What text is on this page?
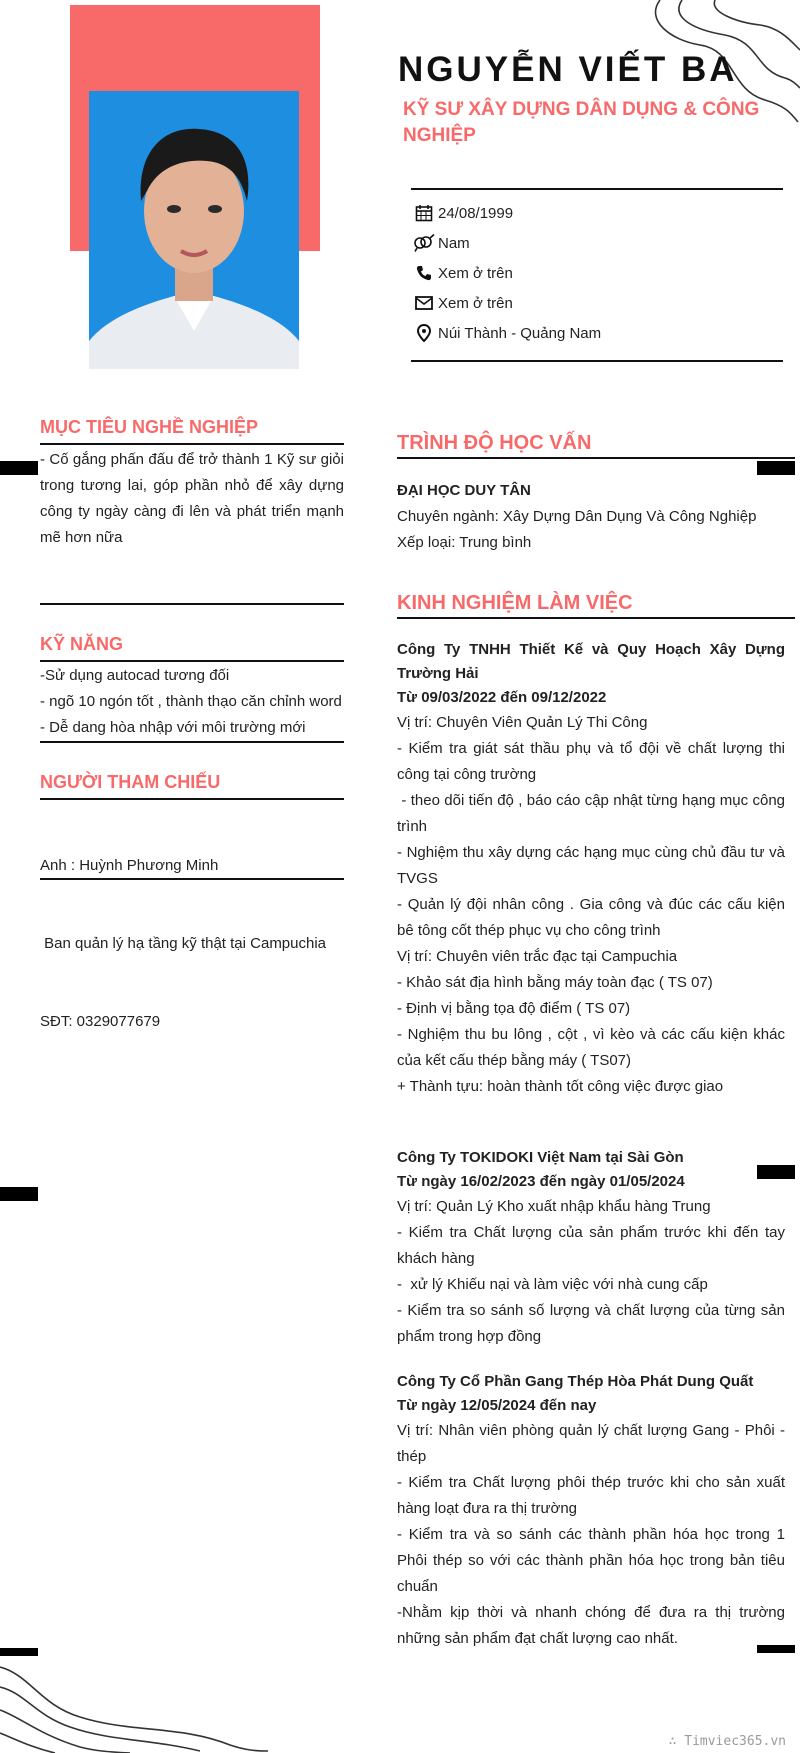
NGUYỄN VIẾT BA
KỸ SƯ XÂY DỰNG DÂN DỤNG & CÔNG NGHIỆP
24/08/1999
Nam
Xem ở trên
Xem ở trên
Núi Thành - Quảng Nam
MỤC TIÊU NGHỀ NGHIỆP
- Cố gắng phấn đấu để trở thành 1 Kỹ sư giỏi trong tương lai, góp phần nhỏ để xây dựng công ty ngày càng đi lên và phát triển mạnh mẽ hơn nữa
KỸ NĂNG

-Sử dụng autocad tương đối

- ngõ 10 ngón tốt , thành thạo căn chỉnh word

- Dễ dang hòa nhập với môi trường mới

NGƯỜI THAM CHIẾU

Anh : Huỳnh Phương Minh

Ban quản lý hạ tầng kỹ thật tại Campuchia

SĐT: 0329077679

TRÌNH ĐỘ HỌC VẤN

ĐẠI HỌC DUY TÂN

Chuyên ngành: Xây Dựng Dân Dụng Và Công Nghiệp

Xếp loại: Trung bình

KINH NGHIỆM LÀM VIỆC

Công Ty TNHH Thiết Kế và Quy Hoạch Xây Dựng Trường Hải

Từ 09/03/2022 đến 09/12/2022

Vị trí: Chuyên Viên Quản Lý Thi Công

- Kiểm tra giát sát thầu phụ và tổ đội về chất lượng thi công tại công trường

- theo dõi tiến độ , báo cáo cập nhật từng hạng mục công trình

- Nghiệm thu xây dựng các hạng mục cùng chủ đầu tư và TVGS

- Quản lý đội nhân công . Gia công và đúc các cấu kiện bê tông cốt thép phục vụ cho công trình

Vị trí: Chuyên viên trắc đạc tại Campuchia

- Khảo sát địa hình bằng máy toàn đạc ( TS 07)

- Định vị bằng tọa độ điểm ( TS 07)

- Nghiệm thu bu lông , cột , vì kèo và các cấu kiện khác của kết cấu thép bằng máy ( TS07)

+ Thành tựu: hoàn thành tốt công việc được giao

Công Ty TOKIDOKI Việt Nam tại Sài Gòn

Từ ngày 16/02/2023 đến ngày 01/05/2024

Vị trí: Quản Lý Kho xuất nhập khẩu hàng Trung

- Kiểm tra Chất lượng của sản phẩm trước khi đến tay khách hàng

-  xử lý Khiếu nại và làm việc với nhà cung cấp

- Kiểm tra so sánh số lượng và chất lượng của từng sản phẩm trong hợp đồng

Công Ty Cổ Phần Gang Thép Hòa Phát Dung Quất

Từ ngày 12/05/2024 đến nay

Vị trí: Nhân viên phòng quản lý chất lượng Gang - Phôi - thép

- Kiểm tra Chất lượng phôi thép trước khi cho sản xuất hàng loạt đưa ra thị trường

- Kiểm tra và so sánh các thành phần hóa học trong 1 Phôi thép so với các thành phần hóa học trong bản tiêu chuẩn

-Nhằm kịp thời và nhanh chóng để đưa ra thị trường những sản phẩm đạt chất lượng cao nhất.

∴ Timviec365.vn
